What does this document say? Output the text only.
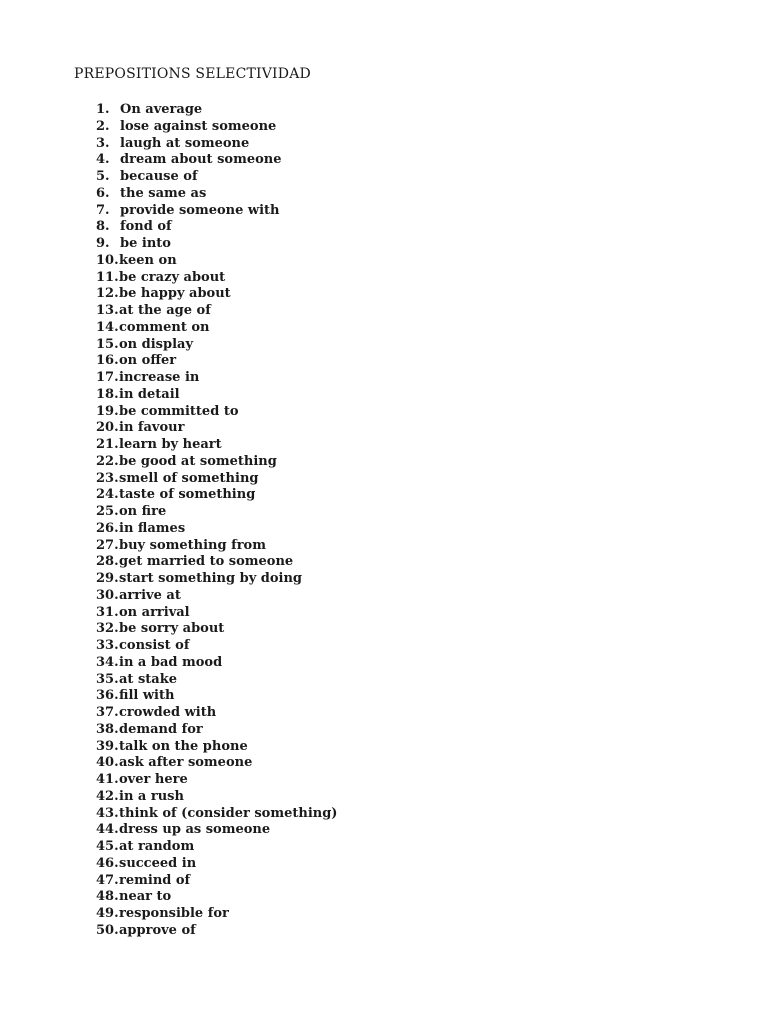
PREPOSITIONS SELECTIVIDAD
1. On average
2. lose against someone
3. laugh at someone
4. dream about someone
5. because of
6. the same as
7. provide someone with
8. fond of
9. be into
10. keen on
11. be crazy about
12. be happy about
13. at the age of
14. comment on
15. on display
16. on offer
17. increase in
18. in detail
19. be committed to
20. in favour
21. learn by heart
22. be good at something
23. smell of something
24. taste of something
25. on fire
26. in flames
27. buy something from
28. get married to someone
29. start something by doing
30. arrive at
31. on arrival
32. be sorry about
33. consist of
34. in a bad mood
35. at stake
36. fill with
37. crowded with
38. demand for
39. talk on the phone
40. ask after someone
41. over here
42. in a rush
43. think of (consider something)
44. dress up as someone
45. at random
46. succeed in
47. remind of
48. near to
49. responsible for
50. approve of
